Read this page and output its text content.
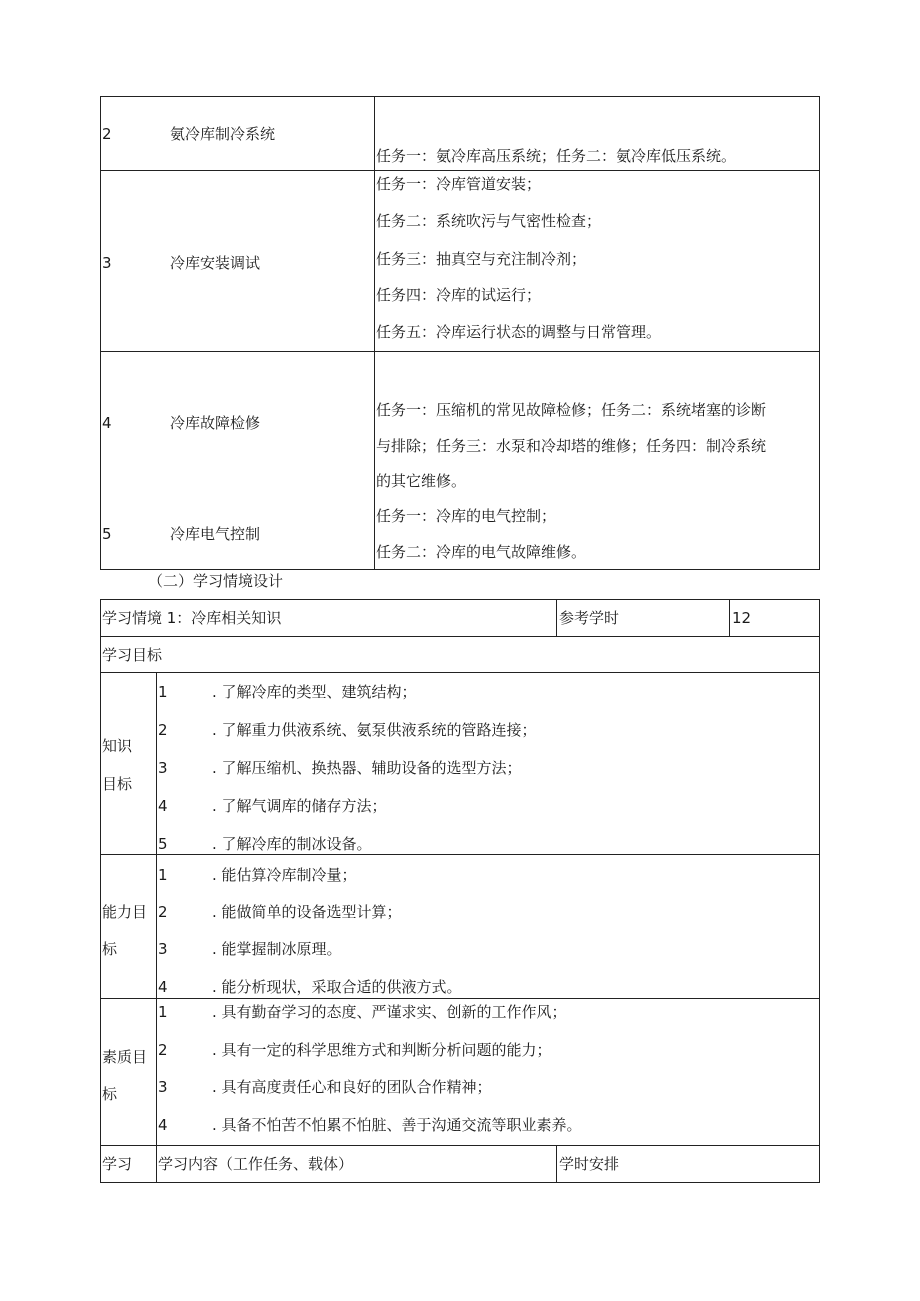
2	氨冷库制冷系统
任务一：氨冷库高压系统；任务二：氨冷库低压系统。
3	冷库安装调试
任务一：冷库管道安装；
任务二：系统吹污与气密性检查；
任务三：抽真空与充注制冷剂；
任务四：冷库的试运行；
任务五：冷库运行状态的调整与日常管理。
4	冷库故障检修
任务一：压缩机的常见故障检修；任务二：系统堵塞的诊断
与排除；任务三：水泵和冷却塔的维修；任务四：制冷系统
的其它维修。
5	冷库电气控制
任务一：冷库的电气控制；
任务二：冷库的电气故障维修。
（二）学习情境设计
学习情境 1：冷库相关知识	参考学时	12
学习目标
知识
目标
1	. 了解冷库的类型、建筑结构；
2	. 了解重力供液系统、氨泵供液系统的管路连接；
3	. 了解压缩机、换热器、辅助设备的选型方法；
4	. 了解气调库的储存方法；
5	. 了解冷库的制冰设备。
能力目
标
1	. 能估算冷库制冷量；
2	. 能做简单的设备选型计算；
3	. 能掌握制冰原理。
4	. 能分析现状，采取合适的供液方式。
素质目
标
1	. 具有勤奋学习的态度、严谨求实、创新的工作作风；
2	. 具有一定的科学思维方式和判断分析问题的能力；
3	. 具有高度责任心和良好的团队合作精神；
4	. 具备不怕苦不怕累不怕脏、善于沟通交流等职业素养。
学习 学习内容（工作任务、载体）	学时安排
